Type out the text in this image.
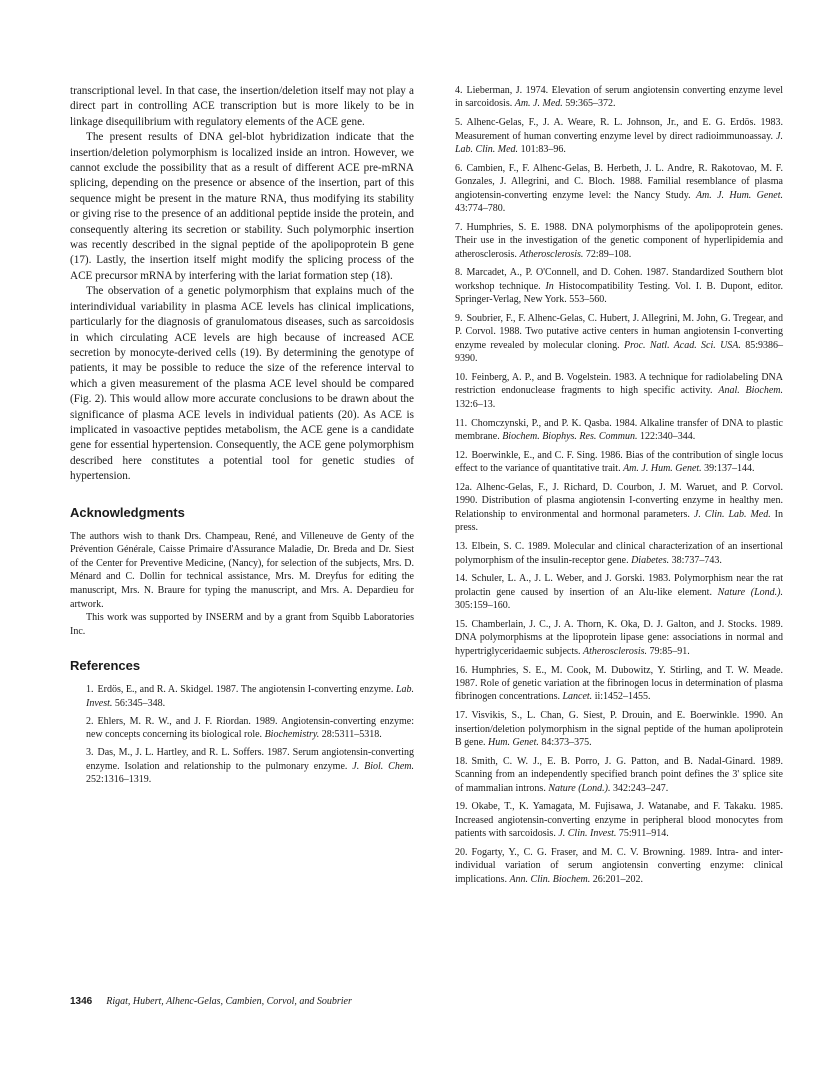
transcriptional level. In that case, the insertion/deletion itself may not play a direct part in controlling ACE transcription but is more likely to be in linkage disequilibrium with regulatory elements of the ACE gene.

The present results of DNA gel-blot hybridization indicate that the insertion/deletion polymorphism is localized inside an intron. However, we cannot exclude the possibility that as a result of different ACE pre-mRNA splicing, depending on the presence or absence of the insertion, part of this sequence might be present in the mature RNA, thus modifying its stability or giving rise to the presence of an additional peptide inside the protein, and consequently altering its secretion or stability. Such polymorphic insertion was recently described in the signal peptide of the apolipoprotein B gene (17). Lastly, the insertion itself might modify the splicing process of the ACE precursor mRNA by interfering with the lariat formation step (18).

The observation of a genetic polymorphism that explains much of the interindividual variability in plasma ACE levels has clinical implications, particularly for the diagnosis of granulomatous diseases, such as sarcoidosis in which circulating ACE levels are high because of increased ACE secretion by monocyte-derived cells (19). By determining the genotype of patients, it may be possible to reduce the size of the reference interval to which a given measurement of the plasma ACE level should be compared (Fig. 2). This would allow more accurate conclusions to be drawn about the significance of plasma ACE levels in individual patients (20). As ACE is implicated in vasoactive peptides metabolism, the ACE gene is a candidate gene for essential hypertension. Consequently, the ACE gene polymorphism described here constitutes a potential tool for genetic studies of hypertension.

Acknowledgments

The authors wish to thank Drs. Champeau, René, and Villeneuve de Genty of the Prévention Générale, Caisse Primaire d'Assurance Maladie, Dr. Breda and Dr. Siest of the Center for Preventive Medicine, (Nancy), for selection of the subjects, Mrs. D. Ménard and C. Dollin for technical assistance, Mrs. M. Dreyfus for editing the manuscript, Mrs. N. Braure for typing the manuscript, and Mrs. A. Depardieu for artwork.

This work was supported by INSERM and by a grant from Squibb Laboratories Inc.

References
1. Erdös, E., and R. A. Skidgel. 1987. The angiotensin I-converting enzyme. Lab. Invest. 56:345–348.
2. Ehlers, M. R. W., and J. F. Riordan. 1989. Angiotensin-converting enzyme: new concepts concerning its biological role. Biochemistry. 28:5311–5318.
3. Das, M., J. L. Hartley, and R. L. Soffers. 1987. Serum angiotensin-converting enzyme. Isolation and relationship to the pulmonary enzyme. J. Biol. Chem. 252:1316–1319.
4. Lieberman, J. 1974. Elevation of serum angiotensin converting enzyme level in sarcoidosis. Am. J. Med. 59:365–372.
5. Alhenc-Gelas, F., J. A. Weare, R. L. Johnson, Jr., and E. G. Erdös. 1983. Measurement of human converting enzyme level by direct radioimmunoassay. J. Lab. Clin. Med. 101:83–96.
6. Cambien, F., F. Alhenc-Gelas, B. Herbeth, J. L. Andre, R. Rakotovao, M. F. Gonzales, J. Allegrini, and C. Bloch. 1988. Familial resemblance of plasma angiotensin-converting enzyme level: the Nancy Study. Am. J. Hum. Genet. 43:774–780.
7. Humphries, S. E. 1988. DNA polymorphisms of the apolipoprotein genes. Their use in the investigation of the genetic component of hyperlipidemia and atherosclerosis. Atherosclerosis. 72:89–108.
8. Marcadet, A., P. O'Connell, and D. Cohen. 1987. Standardized Southern blot workshop technique. In Histocompatibility Testing. Vol. I. B. Dupont, editor. Springer-Verlag, New York. 553–560.
9. Soubrier, F., F. Alhenc-Gelas, C. Hubert, J. Allegrini, M. John, G. Tregear, and P. Corvol. 1988. Two putative active centers in human angiotensin I-converting enzyme revealed by molecular cloning. Proc. Natl. Acad. Sci. USA. 85:9386–9390.
10. Feinberg, A. P., and B. Vogelstein. 1983. A technique for radiolabeling DNA restriction endonuclease fragments to high specific activity. Anal. Biochem. 132:6–13.
11. Chomczynski, P., and P. K. Qasba. 1984. Alkaline transfer of DNA to plastic membrane. Biochem. Biophys. Res. Commun. 122:340–344.
12. Boerwinkle, E., and C. F. Sing. 1986. Bias of the contribution of single locus effect to the variance of quantitative trait. Am. J. Hum. Genet. 39:137–144.
12a. Alhenc-Gelas, F., J. Richard, D. Courbon, J. M. Waruet, and P. Corvol. 1990. Distribution of plasma angiotensin I-converting enzyme in healthy men. Relationship to environmental and hormonal parameters. J. Clin. Lab. Med. In press.
13. Elbein, S. C. 1989. Molecular and clinical characterization of an insertional polymorphism of the insulin-receptor gene. Diabetes. 38:737–743.
14. Schuler, L. A., J. L. Weber, and J. Gorski. 1983. Polymorphism near the rat prolactin gene caused by insertion of an Alu-like element. Nature (Lond.). 305:159–160.
15. Chamberlain, J. C., J. A. Thorn, K. Oka, D. J. Galton, and J. Stocks. 1989. DNA polymorphisms at the lipoprotein lipase gene: associations in normal and hypertriglyceridaemic subjects. Atherosclerosis. 79:85–91.
16. Humphries, S. E., M. Cook, M. Dubowitz, Y. Stirling, and T. W. Meade. 1987. Role of genetic variation at the fibrinogen locus in determination of plasma fibrinogen concentrations. Lancet. ii:1452–1455.
17. Visvikis, S., L. Chan, G. Siest, P. Drouin, and E. Boerwinkle. 1990. An insertion/deletion polymorphism in the signal peptide of the human apoliprotein B gene. Hum. Genet. 84:373–375.
18. Smith, C. W. J., E. B. Porro, J. G. Patton, and B. Nadal-Ginard. 1989. Scanning from an independently specified branch point defines the 3' splice site of mammalian introns. Nature (Lond.). 342:243–247.
19. Okabe, T., K. Yamagata, M. Fujisawa, J. Watanabe, and F. Takaku. 1985. Increased angiotensin-converting enzyme in peripheral blood monocytes from patients with sarcoidosis. J. Clin. Invest. 75:911–914.
20. Fogarty, Y., C. G. Fraser, and M. C. V. Browning. 1989. Intra- and inter-individual variation of serum angiotensin converting enzyme: clinical implications. Ann. Clin. Biochem. 26:201–202.
1346 Rigat, Hubert, Alhenc-Gelas, Cambien, Corvol, and Soubrier
